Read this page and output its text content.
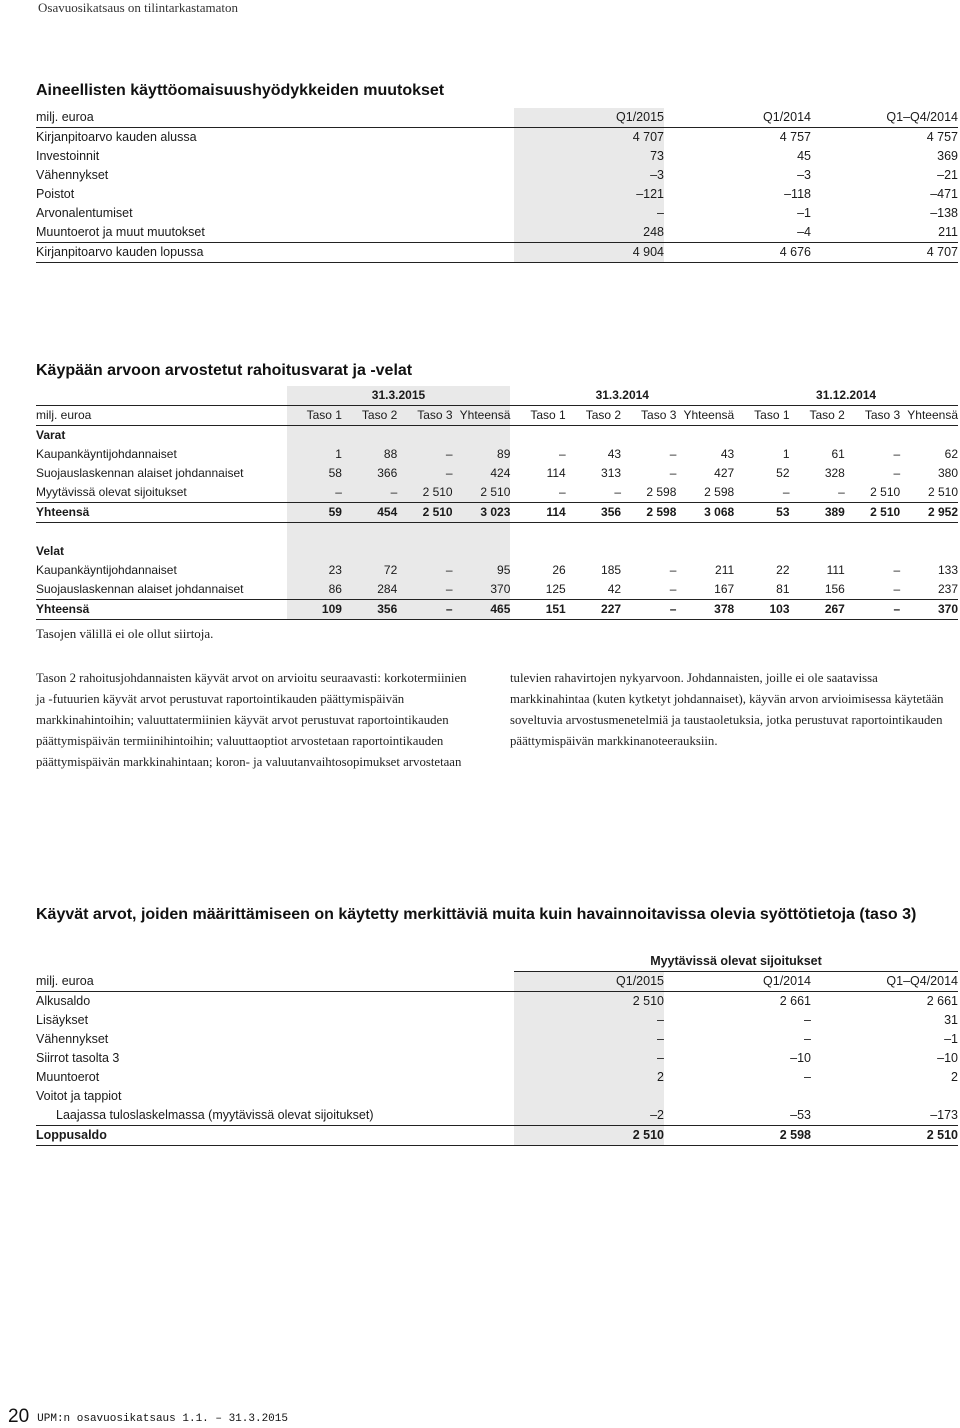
Osavuosikatsaus on tilintarkastamaton
Aineellisten käyttöomaisuushyödykkeiden muutokset
milj. euroa	Q1/2015	Q1/2014	Q1–Q4/2014
Kirjanpitoarvo kauden alussa	4 707	4 757	4 757
Investoinnit	73	45	369
Vähennykset	–3	–3	–21
Poistot	–121	–118	–471
Arvonalentumiset	–	–1	–138
Muuntoerot ja muut muutokset	248	–4	211
Kirjanpitoarvo kauden lopussa	4 904	4 676	4 707
Käypään arvoon arvostetut rahoitusvarat ja -velat
	31.3.2015				31.3.2014				31.12.2014			
milj. euroa	Taso 1	Taso 2	Taso 3	Yhteensä	Taso 1	Taso 2	Taso 3	Yhteensä	Taso 1	Taso 2	Taso 3	Yhteensä
Varat												
Kaupankäyntijohdannaiset	1	88	–	89	–	43	–	43	1	61	–	62
Suojauslaskennan alaiset johdannaiset	58	366	–	424	114	313	–	427	52	328	–	380
Myytävissä olevat sijoitukset	–	–	2 510	2 510	–	–	2 598	2 598	–	–	2 510	2 510
Yhteensä	59	454	2 510	3 023	114	356	2 598	3 068	53	389	2 510	2 952

Velat												
Kaupankäyntijohdannaiset	23	72	–	95	26	185	–	211	22	111	–	133
Suojauslaskennan alaiset johdannaiset	86	284	–	370	125	42	–	167	81	156	–	237
Yhteensä	109	356	–	465	151	227	–	378	103	267	–	370
Tasojen välillä ei ole ollut siirtoja.
Tason 2 rahoitusjohdannaisten käyvät arvot on arvioitu seuraavasti: korkotermiinien ja -futuurien käyvät arvot perustuvat raportointikauden päättymispäivän markkinahintoihin; valuuttatermiinien käyvät arvot perustuvat raportointikauden päättymispäivän termiinihintoihin; valuuttaoptiot arvostetaan raportointikauden päättymispäivän markkinahintaan; koron- ja valuutanvaihtosopimukset arvostetaan
tulevien rahavirtojen nykyarvoon. Johdannaisten, joille ei ole saatavissa markkinahintaa (kuten kytketyt johdannaiset), käyvän arvon arvioimisessa käytetään soveltuvia arvostusmenetelmiä ja taustaoletuksia, jotka perustuvat raportointikauden päättymispäivän markkinanoteerauksiin.
Käyvät arvot, joiden määrittämiseen on käytetty merkittäviä muita kuin havainnoitavissa olevia syöttötietoja (taso 3)
	Myytävissä olevat sijoitukset		
milj. euroa	Q1/2015	Q1/2014	Q1–Q4/2014
Alkusaldo	2 510	2 661	2 661
Lisäykset	–	–	31
Vähennykset	–	–	–1
Siirrot tasolta 3	–	–10	–10
Muuntoerot	2	–	2
Voitot ja tappiot			
Laajassa tuloslaskelmassa (myytävissä olevat sijoitukset)	–2	–53	–173
Loppusaldo	2 510	2 598	2 510
20 UPM:n osavuosikatsaus 1.1. – 31.3.2015
